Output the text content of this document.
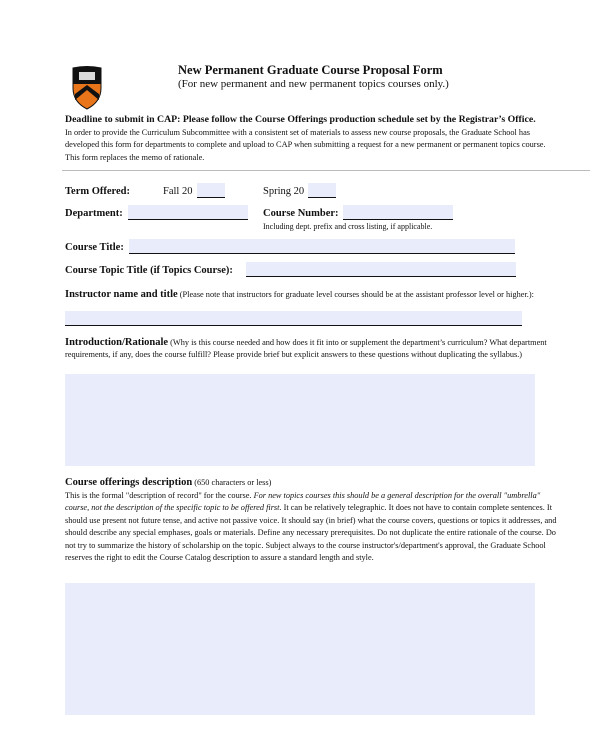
New Permanent Graduate Course Proposal Form
(For new permanent and new permanent topics courses only.)
Deadline to submit in CAP: Please follow the Course Offerings production schedule set by the Registrar’s Office.
In order to provide the Curriculum Subcommittee with a consistent set of materials to assess new course proposals, the Graduate School has developed this form for departments to complete and upload to CAP when submitting a request for a new permanent or permanent topics course. This form replaces the memo of rationale.
Term Offered:	Fall 20	Spring 20
Department:	Course Number:
Including dept. prefix and cross listing, if applicable.
Course Title:
Course Topic Title (if Topics Course):
Instructor name and title (Please note that instructors for graduate level courses should be at the assistant professor level or higher.):
Introduction/Rationale (Why is this course needed and how does it fit into or supplement the department’s curriculum? What department requirements, if any, does the course fulfill? Please provide brief but explicit answers to these questions without duplicating the syllabus.)
Course offerings description (650 characters or less)
This is the formal "description of record" for the course. For new topics courses this should be a general description for the overall "umbrella" course, not the description of the specific topic to be offered first. It can be relatively telegraphic. It does not have to contain complete sentences. It should use present not future tense, and active not passive voice. It should say (in brief) what the course covers, questions or topics it addresses, and should describe any special emphases, goals or materials. Define any necessary prerequisites. Do not duplicate the entire rationale of the course. Do not try to summarize the history of scholarship on the topic. Subject always to the course instructor's/department's approval, the Graduate School reserves the right to edit the Course Catalog description to assure a standard length and style.
